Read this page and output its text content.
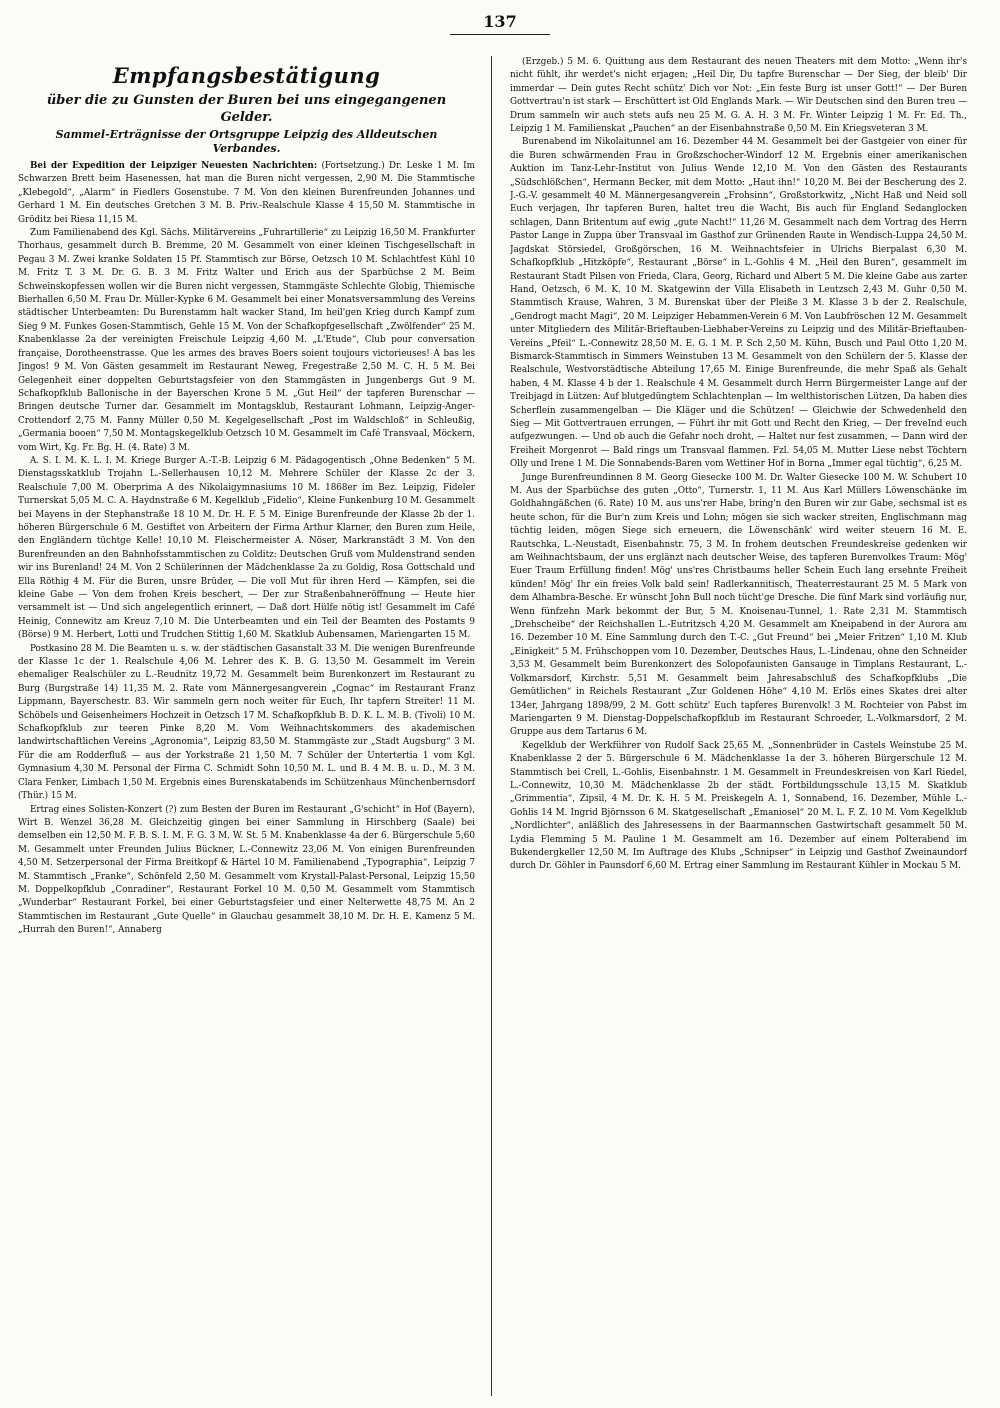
137
Empfangsbestätigung
über die zu Gunsten der Buren bei uns eingegangenen Gelder.
Sammel-Erträgnisse der Ortsgruppe Leipzig des Alldeutschen Verbandes.

Bei der Expedition der Leipziger Neuesten Nachrichten: (Fortsetzung.) Dr. Leske 1 M. Im Schwarzen Brett beim Hasenessen, hat man die Buren nicht vergessen, 2,90 M. Die Stammtische „Klebegold“, „Alarm“ in Fiedlers Gosenstube. 7 M. Von den kleinen Burenfreunden Johannes und Gerhard 1 M. Ein deutsches Gretchen 3 M. B. Priv.-Realschule Klasse 4 15,50 M. Stammtische in Gröditz bei Riesa 11,15 M.

Zum Familienabend des Kgl. Sächs. Militärvereins „Fuhrartillerie“ zu Leipzig 16,50 M. Frankfurter Thorhaus, gesammelt durch B. Bremme, 20 M. Gesammelt von einer kleinen Tischgesellschaft in Pegau 3 M. Zwei kranke Soldaten 15 Pf. Stammtisch zur Börse, Oetzsch 10 M. Schlachtfest Kühl 10 M. Fritz T. 3 M. Dr. G. B. 3 M. Fritz Walter und Erich aus der Sparbüchse 2 M. Beim Schweinskopfessen wollen wir die Buren nicht vergessen, Stammgäste Schlechte Globig, Thiemische Bierhallen 6,50 M. Frau Dr. Müller-Kypke 6 M. Gesammelt bei einer Monatsversammlung des Vereins städtischer Unterbeamten: Du Burenstamm halt wacker Stand, Im heil'gen Krieg durch Kampf zum Sieg 9 M. Funkes Gosen-Stammtisch, Gehle 15 M. Von der Schafkopfgesellschaft „Zwölfender“ 25 M. Knabenklasse 2a der vereinigten Freischule Leipzig 4,60 M. „L'Etude“, Club pour conversation française, Dorotheenstrasse. Que les armes des braves Boers soient toujours victorieuses! A bas les Jingos! 9 M. Von Gästen gesammelt im Restaurant Neweg, Fregestraße 2,50 M. C. H. 5 M. Bei Gelegenheit einer doppelten Geburtstagsfeier von den Stammgästen in Jungenbergs Gut 9 M. Schafkopfklub Ballonische in der Bayerschen Krone 5 M. „Gut Heil“ der tapferen Burenschar — Bringen deutsche Turner dar. Gesammelt im Montagsklub, Restaurant Lohmann, Leipzig-Anger-Crottendorf 2,75 M. Fanny Müller 0,50 M. Kegelgesellschaft „Post im Waldschloß“ in Schleußig, „Germania booen“ 7,50 M. Montagskegelklub Oetzsch 10 M. Gesammelt im Café Transvaal, Möckern, vom Wirt, Kg. Fr. Bg. H. (4. Rate) 3 M.

A. S. I. M. K. L. I. M. Kriege Burger A.-T.-B. Leipzig 6 M. Pädagogentisch „Ohne Bedenken“ 5 M. Dienstagsskatklub Trojahn L.-Sellerhausen 10,12 M. Mehrere Schüler der Klasse 2c der 3. Realschule 7,00 M. Oberprima A des Nikolaigymnasiums 10 M. 1868er im Bez. Leipzig, Fideler Turnerskat 5,05 M. C. A. Haydnstraße 6 M. Kegelklub „Fidelio“, Kleine Funkenburg 10 M. Gesammelt bei Mayens in der Stephanstraße 18 10 M. Dr. H. F. 5 M. Einige Burenfreunde der Klasse 2b der 1. höheren Bürgerschule 6 M. Gestiftet von Arbeitern der Firma Arthur Klarner, den Buren zum Heile, den Engländern tüchtge Kelle! 10,10 M. Fleischermeister A. Nöser, Markranstädt 3 M. Von den Burenfreunden an den Bahnhofsstammtischen zu Colditz: Deutschen Gruß vom Muldenstrand senden wir ins Burenland! 24 M. Von 2 Schülerinnen der Mädchenklasse 2a zu Goldig, Rosa Gottschald und Ella Röthig 4 M. Für die Buren, unsre Brüder, — Die voll Mut für ihren Herd — Kämpfen, sei die kleine Gabe — Von dem frohen Kreis beschert, — Der zur Straßenbahneröffnung — Heute hier versammelt ist — Und sich angelegentlich erinnert, — Daß dort Hülfe nötig ist! Gesammelt im Café Heinig, Connewitz am Kreuz 7,10 M. Die Unterbeamten und ein Teil der Beamten des Postamts 9 (Börse) 9 M. Herbert, Lotti und Trudchen Stittig 1,60 M. Skatklub Aubensamen, Mariengarten 15 M.

Postkasino 28 M. Die Beamten u. s. w. der städtischen Gasanstalt 33 M. Die wenigen Burenfreunde der Klasse 1c der 1. Realschule 4,06 M. Lehrer des K. B. G. 13,50 M. Gesammelt im Verein ehemaliger Realschüler zu L.-Reudnitz 19,72 M. Gesammelt beim Burenkonzert im Restaurant zu Burg (Burgstraße 14) 11,35 M. 2. Rate vom Männergesangverein „Cognac“ im Restaurant Franz Lippmann, Bayerschestr. 83. Wir sammeln gern noch weiter für Euch, Ihr tapfern Streiter! 11 M. Schöbels und Geisenheimers Hochzeit in Oetzsch 17 M. Schafkopfklub B. D. K. L. M. B. (Tivoli) 10 M. Schafkopfklub zur teeren Pinke 8,20 M. Vom Weihnachtskommers des akademischen landwirtschaftlichen Vereins „Agronomia“, Leipzig 83,50 M. Stammgäste zur „Stadt Augsburg“ 3 M. Für die am Rodderfluß — aus der Yorkstraße 21 1,50 M. 7 Schüler der Untertertia 1 vom Kgl. Gymnasium 4,30 M. Personal der Firma C. Schmidt Sohn 10,50 M. L. und B. 4 M. B. u. D., M. 3 M. Clara Fenker, Limbach 1,50 M. Ergebnis eines Burenskatabends im Schützenhaus Münchenbernsdorf (Thür.) 15 M.

Ertrag eines Solisten-Konzert (?) zum Besten der Buren im Restaurant „G'schicht“ in Hof (Bayern), Wirt B. Wenzel 36,28 M. Gleichzeitig gingen bei einer Sammlung in Hirschberg (Saale) bei demselben ein 12,50 M. F. B. S. I. M. F. G. 3 M. W. St. 5 M. Knabenklasse 4a der 6. Bürgerschule 5,60 M. Gesammelt unter Freunden Julius Bückner, L.-Connewitz 23,06 M. Von einigen Burenfreunden 4,50 M. Setzerpersonal der Firma Breitkopf & Härtel 10 M. Familienabend „Typographia“, Leipzig 7 M. Stammtisch „Franke“, Schönfeld 2,50 M. Gesammelt vom Krystall-Palast-Personal, Leipzig 15,50 M. Doppelkopfklub „Conradiner“, Restaurant Forkel 10 M. 0,50 M. Gesammelt vom Stammtisch „Wunderbar“ Restaurant Forkel, bei einer Geburtstagsfeier und einer Nelterwette 48,75 M. An 2 Stammtischen im Restaurant „Gute Quelle“ in Glauchau gesammelt 38,10 M. Dr. H. E. Kamenz 5 M. „Hurrah den Buren!“, Annaberg

(Erzgeb.) 5 M. 6. Quittung aus dem Restaurant des neuen Theaters mit dem Motto: „Wenn ihr's nicht fühlt, ihr werdet's nicht erjagen; „Heil Dir, Du tapfre Burenschar — Der Sieg, der bleib' Dir immerdar — Dein gutes Recht schütz' Dich vor Not: „Ein feste Burg ist unser Gott!“ — Der Buren Gottvertrau'n ist stark — Erschüttert ist Old Englands Mark. — Wir Deutschen sind den Buren treu — Drum sammeln wir auch stets aufs neu 25 M. G. A. H. 3 M. Fr. Winter Leipzig 1 M. Fr. Ed. Th., Leipzig 1 M. Familienskat „Pauchen“ an der Eisenbahnstraße 0,50 M. Ein Kriegsveteran 3 M.

Burenabend im Nikolaitunnel am 16. Dezember 44 M. Gesammelt bei der Gastgeier von einer für die Buren schwärmenden Frau in Großzschocher-Windorf 12 M. Ergebnis einer amerikanischen Auktion im Tanz-Lehr-Institut von Julius Wende 12,10 M. Von den Gästen des Restaurants „Südschlößchen“, Hermann Becker, mit dem Motto: „Haut ihn!“ 10,20 M. Bei der Bescherung des 2. J.-G.-V. gesammelt 40 M. Männergesangverein „Frohsinn“, Großstorkwitz, „Nicht Haß und Neid soll Euch verjagen, Ihr tapferen Buren, haltet treu die Wacht, Bis auch für England Sedanglocken schlagen, Dann Britentum auf ewig „gute Nacht!“ 11,26 M. Gesammelt nach dem Vortrag des Herrn Pastor Lange in Zuppa über Transvaal im Gasthof zur Grünenden Raute in Wendisch-Luppa 24,50 M. Jagdskat Störsiedel, Großgörschen, 16 M. Weihnachtsfeier in Ulrichs Bierpalast 6,30 M. Schafkopfklub „Hitzköpfe“, Restaurant „Börse“ in L.-Gohlis 4 M. „Heil den Buren“, gesammelt im Restaurant Stadt Pilsen von Frieda, Clara, Georg, Richard und Albert 5 M. Die kleine Gabe aus zarter Hand, Oetzsch, 6 M. K. 10 M. Skatgewinn der Villa Elisabeth in Leutzsch 2,43 M. Guhr 0,50 M. Stammtisch Krause, Wahren, 3 M. Burenskat über der Pleiße 3 M. Klasse 3 b der 2. Realschule, „Gendrogt macht Magi“, 20 M. Leipziger Hebammen-Verein 6 M. Von Laubfröschen 12 M. Gesammelt unter Mitgliedern des Militär-Brieftauben-Liebhaber-Vereins zu Leipzig und des Militär-Brieftauben-Vereins „Pfeil“ L.-Connewitz 28,50 M. E. G. 1 M. P. Sch 2,50 M. Kühn, Busch und Paul Otto 1,20 M. Bismarck-Stammtisch in Simmers Weinstuben 13 M. Gesammelt von den Schülern der 5. Klasse der Realschule, Westvorstädtische Abteilung 17,65 M. Einige Burenfreunde, die mehr Spaß als Gehalt haben, 4 M. Klasse 4 b der 1. Realschule 4 M. Gesammelt durch Herrn Bürgermeister Lange auf der Treibjagd in Lützen: Auf blutgedüngtem Schlachtenplan — Im welthistorischen Lützen, Da haben dies Scherflein zusammengelban — Die Kläger und die Schützen! — Gleichwie der Schwedenheld den Sieg — Mit Gottvertrauen errungen, — Führt ihr mit Gott und Recht den Krieg, — Der freveInd euch aufgezwungen. — Und ob auch die Gefahr noch droht, — Haltet nur fest zusammen, — Dann wird der Freiheit Morgenrot — Bald rings um Transvaal flammen. Fzl. 54,05 M. Mutter Liese nebst Töchtern Olly und Irene 1 M. Die Sonnabends-Baren vom Wettiner Hof in Borna „Immer egal tüchtig“, 6,25 M.

Junge Burenfreundinnen 8 M. Georg Giesecke 100 M. Dr. Walter Giesecke 100 M. W. Schubert 10 M. Aus der Sparbüchse des guten „Otto“, Turnerstr. 1, 11 M. Aus Karl Müllers Löwenschänke im Goldhahngäßchen (6. Rate) 10 M. aus uns'rer Habe, bring'n den Buren wir zur Gabe, sechsmal ist es heute schon, für die Bur'n zum Kreis und Lohn; mögen sie sich wacker streiten, Englischmann mag tüchtig leiden, mögen Siege sich erneuern, die Löwenschänk' wird weiter steuern 16 M. E. Rautschka, L.-Neustadt, Eisenbahnstr. 75, 3 M. In frohem deutschen Freundeskreise gedenken wir am Weihnachtsbaum, der uns erglänzt nach deutscher Weise, des tapferen Burenvolkes Traum: Mög' Euer Traum Erfüllung finden! Mög' uns'res Christbaums heller Schein Euch lang ersehnte Freiheit künden! Mög' Ihr ein freies Volk bald sein! Radlerkannitisch, Theaterrestaurant 25 M. 5 Mark von dem Alhambra-Besche. Er wünscht John Bull noch tücht'ge Dresche. Die fünf Mark sind vorläufig nur, Wenn fünfzehn Mark bekommt der Bur, 5 M. Knoisenau-Tunnel, 1. Rate 2,31 M. Stammtisch „Drehscheibe“ der Reichshallen L.-Eutritzsch 4,20 M. Gesammelt am Kneipabend in der Aurora am 16. Dezember 10 M. Eine Sammlung durch den T.-C. „Gut Freund“ bei „Meier Fritzen“ 1,10 M. Klub „Einigkeit“ 5 M. Frühschoppen vom 10. Dezember, Deutsches Haus, L.-Lindenau, ohne den Schneider 3,53 M. Gesammelt beim Burenkonzert des Solopofaunisten Gansauge in Timplans Restaurant, L.-Volkmarsdorf, Kirchstr. 5,51 M. Gesammelt beim Jahresabschluß des Schafkopfklubs „Die Gemütlichen“ in Reichels Restaurant „Zur Goldenen Höhe“ 4,10 M. Erlös eines Skates drei alter 134er, Jahrgang 1898/99, 2 M. Gott schütz' Euch tapferes Burenvolk! 3 M. Rochteier von Pabst im Mariengarten 9 M. Dienstag-Doppelschafkopfklub im Restaurant Schroeder, L.-Volkmarsdorf, 2 M. Gruppe aus dem Tartarus 6 M.

Kegelklub der Werkführer von Rudolf Sack 25,65 M. „Sonnenbrüder in Castels Weinstube 25 M. Knabenklasse 2 der 5. Bürgerschule 6 M. Mädchenklasse 1a der 3. höheren Bürgerschule 12 M. Stammtisch bei Crell, L.-Gohlis, Eisenbahnstr. 1 M. Gesammelt in Freundeskreisen von Karl Riedel, L.-Connewitz, 10,30 M. Mädchenklasse 2b der städt. Fortbildungsschule 13,15 M. Skatklub „Grimmentia“, Zipsil, 4 M. Dr. K. H. 5 M. Preiskegeln A. 1, Sonnabend, 16. Dezember, Mühle L.-Gohlis 14 M. Ingrid Björnsson 6 M. Skatgesellschaft „Emaniosel“ 20 M. L. F. Z. 10 M. Vom Kegelklub „Nordlichter“, anläßlich des Jahresessens in der Baarmannschen Gastwirtschaft gesammelt 50 M. Lydia Flemming 5 M. Pauline 1 M. Gesammelt am 16. Dezember auf einem Polterabend im Bukendergkeller 12,50 M. Im Auftrage des Klubs „Schnipser“ in Leipzig und Gasthof Zweinaundorf durch Dr. Göhler in Paunsdorf 6,60 M. Ertrag einer Sammlung im Restaurant Kühler in Mockau 5 M.
